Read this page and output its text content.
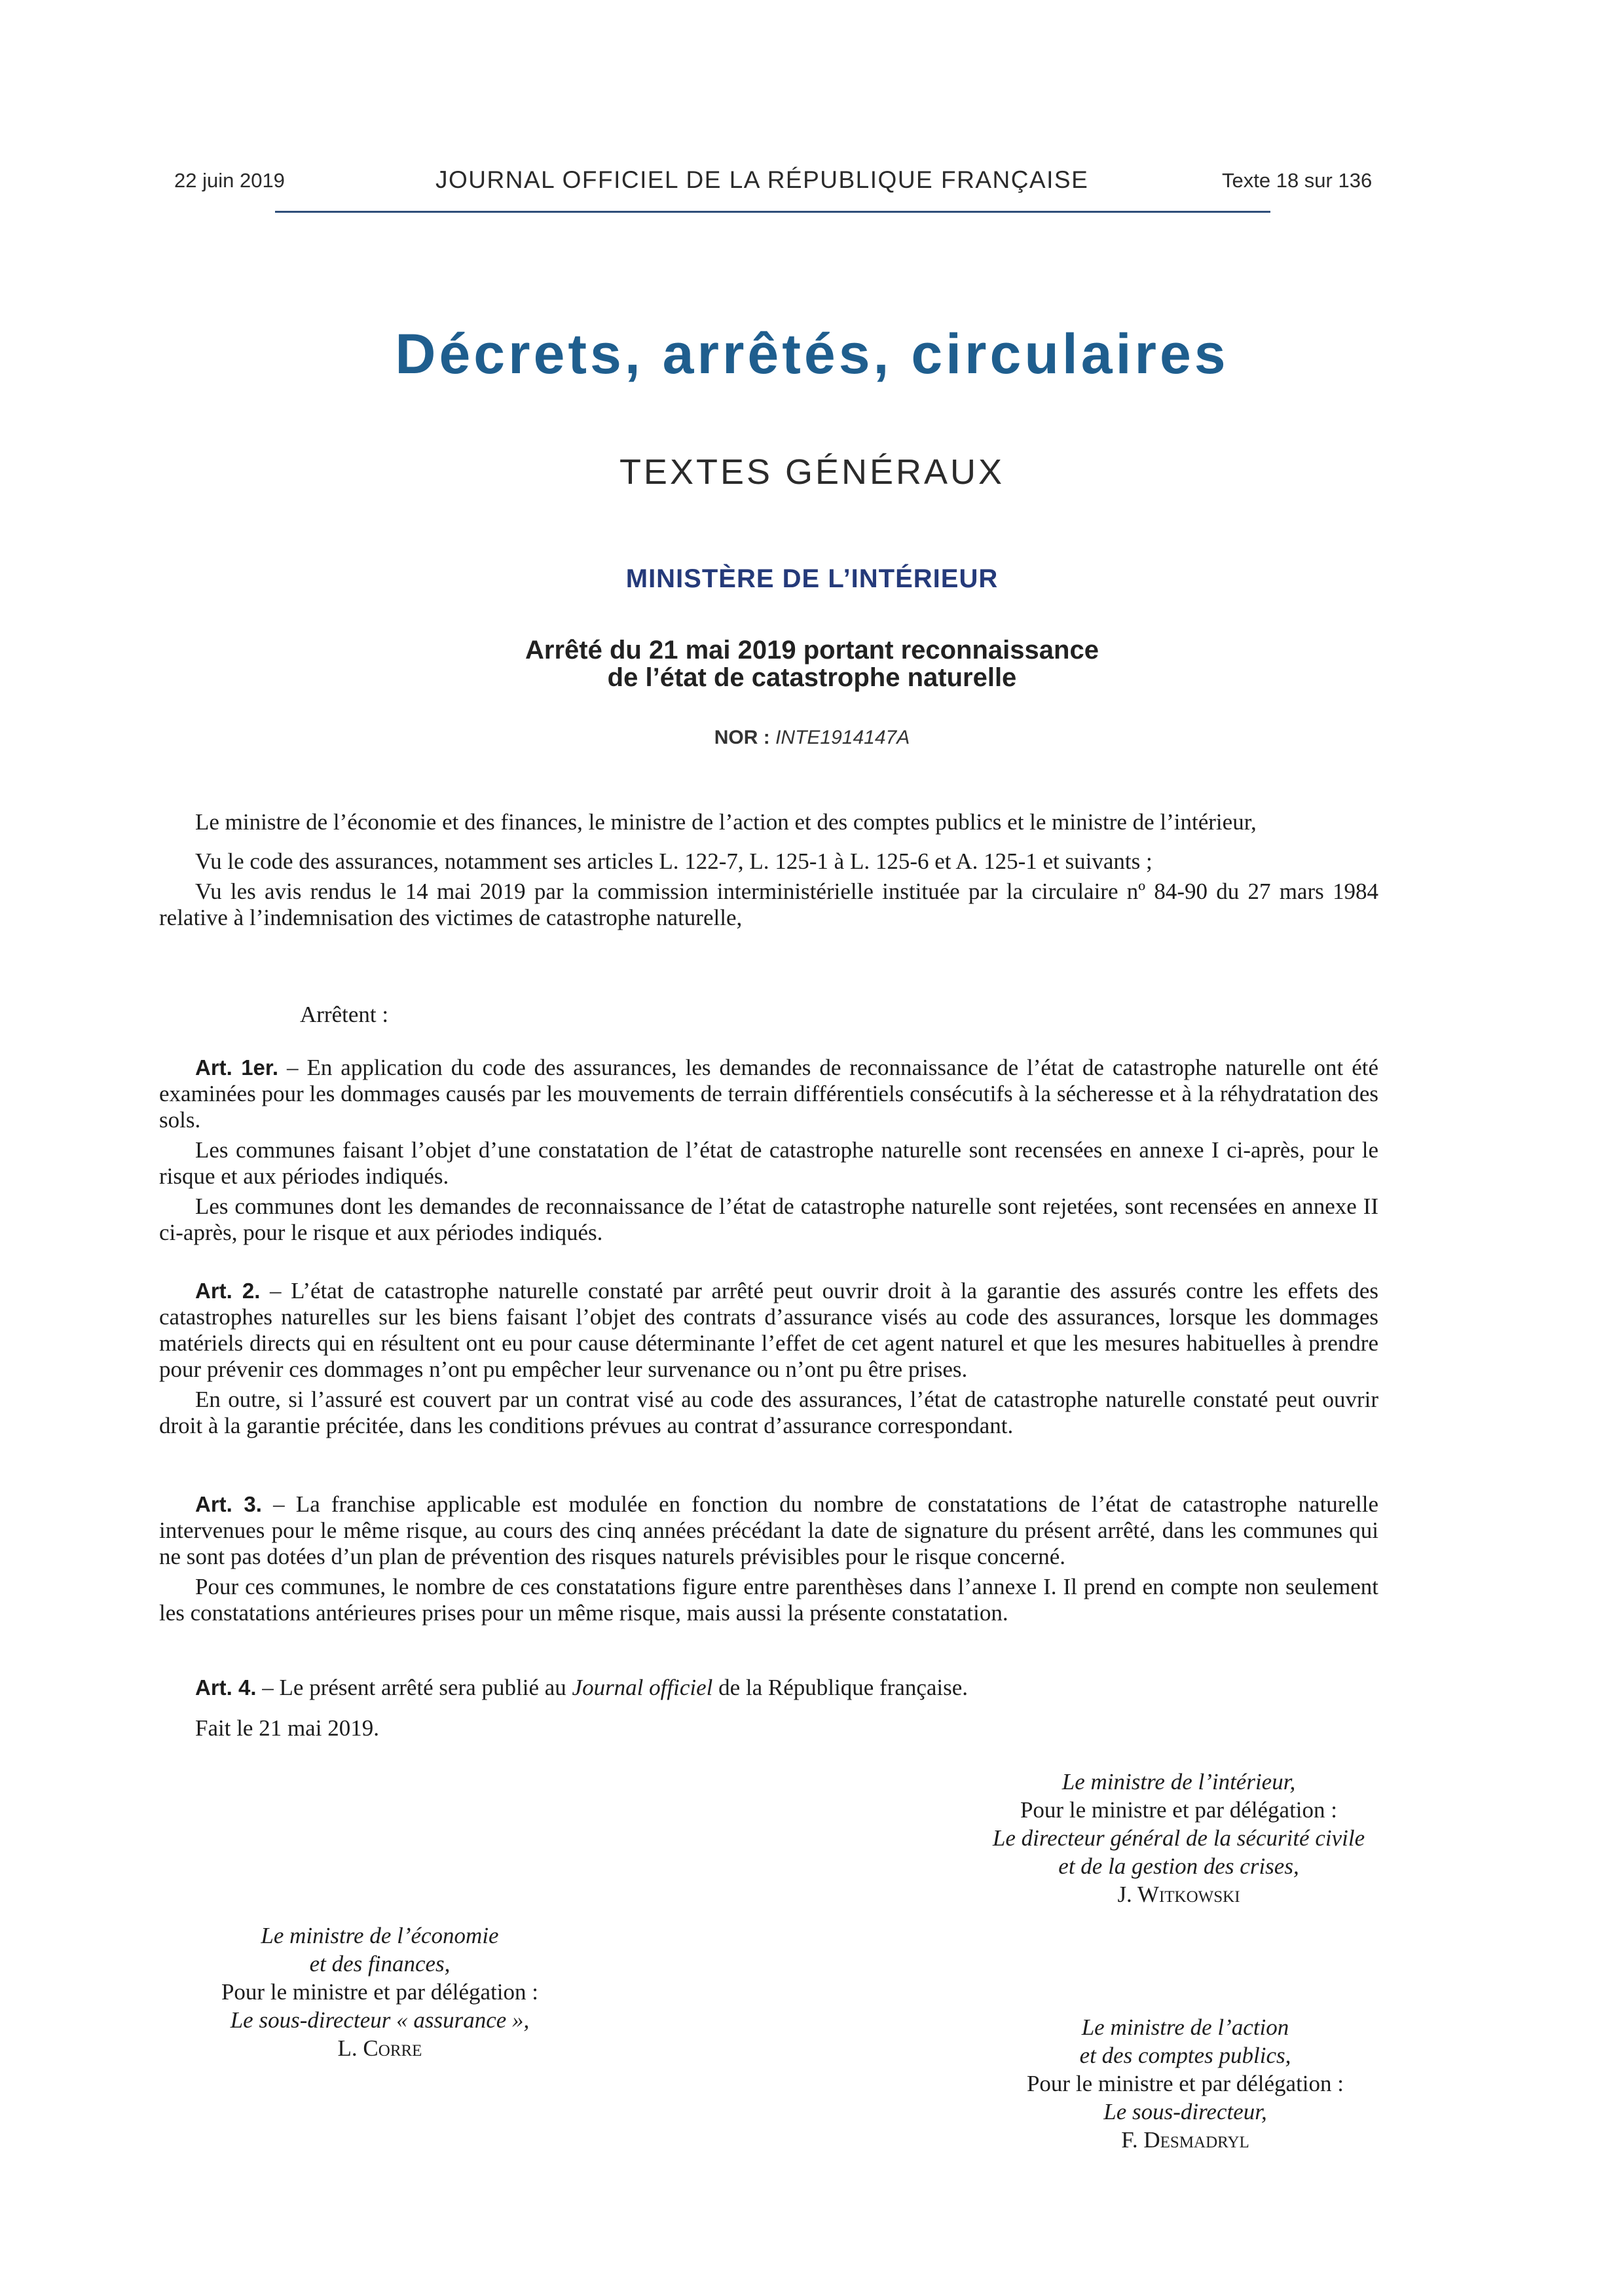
22 juin 2019	JOURNAL OFFICIEL DE LA RÉPUBLIQUE FRANÇAISE	Texte 18 sur 136
Décrets, arrêtés, circulaires
TEXTES GÉNÉRAUX
MINISTÈRE DE L’INTÉRIEUR
Arrêté du 21 mai 2019 portant reconnaissance
de l’état de catastrophe naturelle
NOR : INTE1914147A

Le ministre de l’économie et des finances, le ministre de l’action et des comptes publics et le ministre de l’intérieur,

Vu le code des assurances, notamment ses articles L. 122-7, L. 125-1 à L. 125-6 et A. 125-1 et suivants ;

Vu les avis rendus le 14 mai 2019 par la commission interministérielle instituée par la circulaire nº 84-90 du 27 mars 1984 relative à l’indemnisation des victimes de catastrophe naturelle,

Arrêtent :

Art. 1er. – En application du code des assurances, les demandes de reconnaissance de l’état de catastrophe naturelle ont été examinées pour les dommages causés par les mouvements de terrain différentiels consécutifs à la sécheresse et à la réhydratation des sols.

Les communes faisant l’objet d’une constatation de l’état de catastrophe naturelle sont recensées en annexe I ci-après, pour le risque et aux périodes indiqués.

Les communes dont les demandes de reconnaissance de l’état de catastrophe naturelle sont rejetées, sont recensées en annexe II ci-après, pour le risque et aux périodes indiqués.

Art. 2. – L’état de catastrophe naturelle constaté par arrêté peut ouvrir droit à la garantie des assurés contre les effets des catastrophes naturelles sur les biens faisant l’objet des contrats d’assurance visés au code des assurances, lorsque les dommages matériels directs qui en résultent ont eu pour cause déterminante l’effet de cet agent naturel et que les mesures habituelles à prendre pour prévenir ces dommages n’ont pu empêcher leur survenance ou n’ont pu être prises.

En outre, si l’assuré est couvert par un contrat visé au code des assurances, l’état de catastrophe naturelle constaté peut ouvrir droit à la garantie précitée, dans les conditions prévues au contrat d’assurance correspondant.

Art. 3. – La franchise applicable est modulée en fonction du nombre de constatations de l’état de catastrophe naturelle intervenues pour le même risque, au cours des cinq années précédant la date de signature du présent arrêté, dans les communes qui ne sont pas dotées d’un plan de prévention des risques naturels prévisibles pour le risque concerné.

Pour ces communes, le nombre de ces constatations figure entre parenthèses dans l’annexe I. Il prend en compte non seulement les constatations antérieures prises pour un même risque, mais aussi la présente constatation.

Art. 4. – Le présent arrêté sera publié au Journal officiel de la République française.

Fait le 21 mai 2019.

Le ministre de l’intérieur,
Pour le ministre et par délégation :
Le directeur général de la sécurité civile
et de la gestion des crises,
J. Witkowski
Le ministre de l’économie
et des finances,
Pour le ministre et par délégation :
Le sous-directeur « assurance »,
L. Corre
Le ministre de l’action
et des comptes publics,
Pour le ministre et par délégation :
Le sous-directeur,
F. Desmadryl
